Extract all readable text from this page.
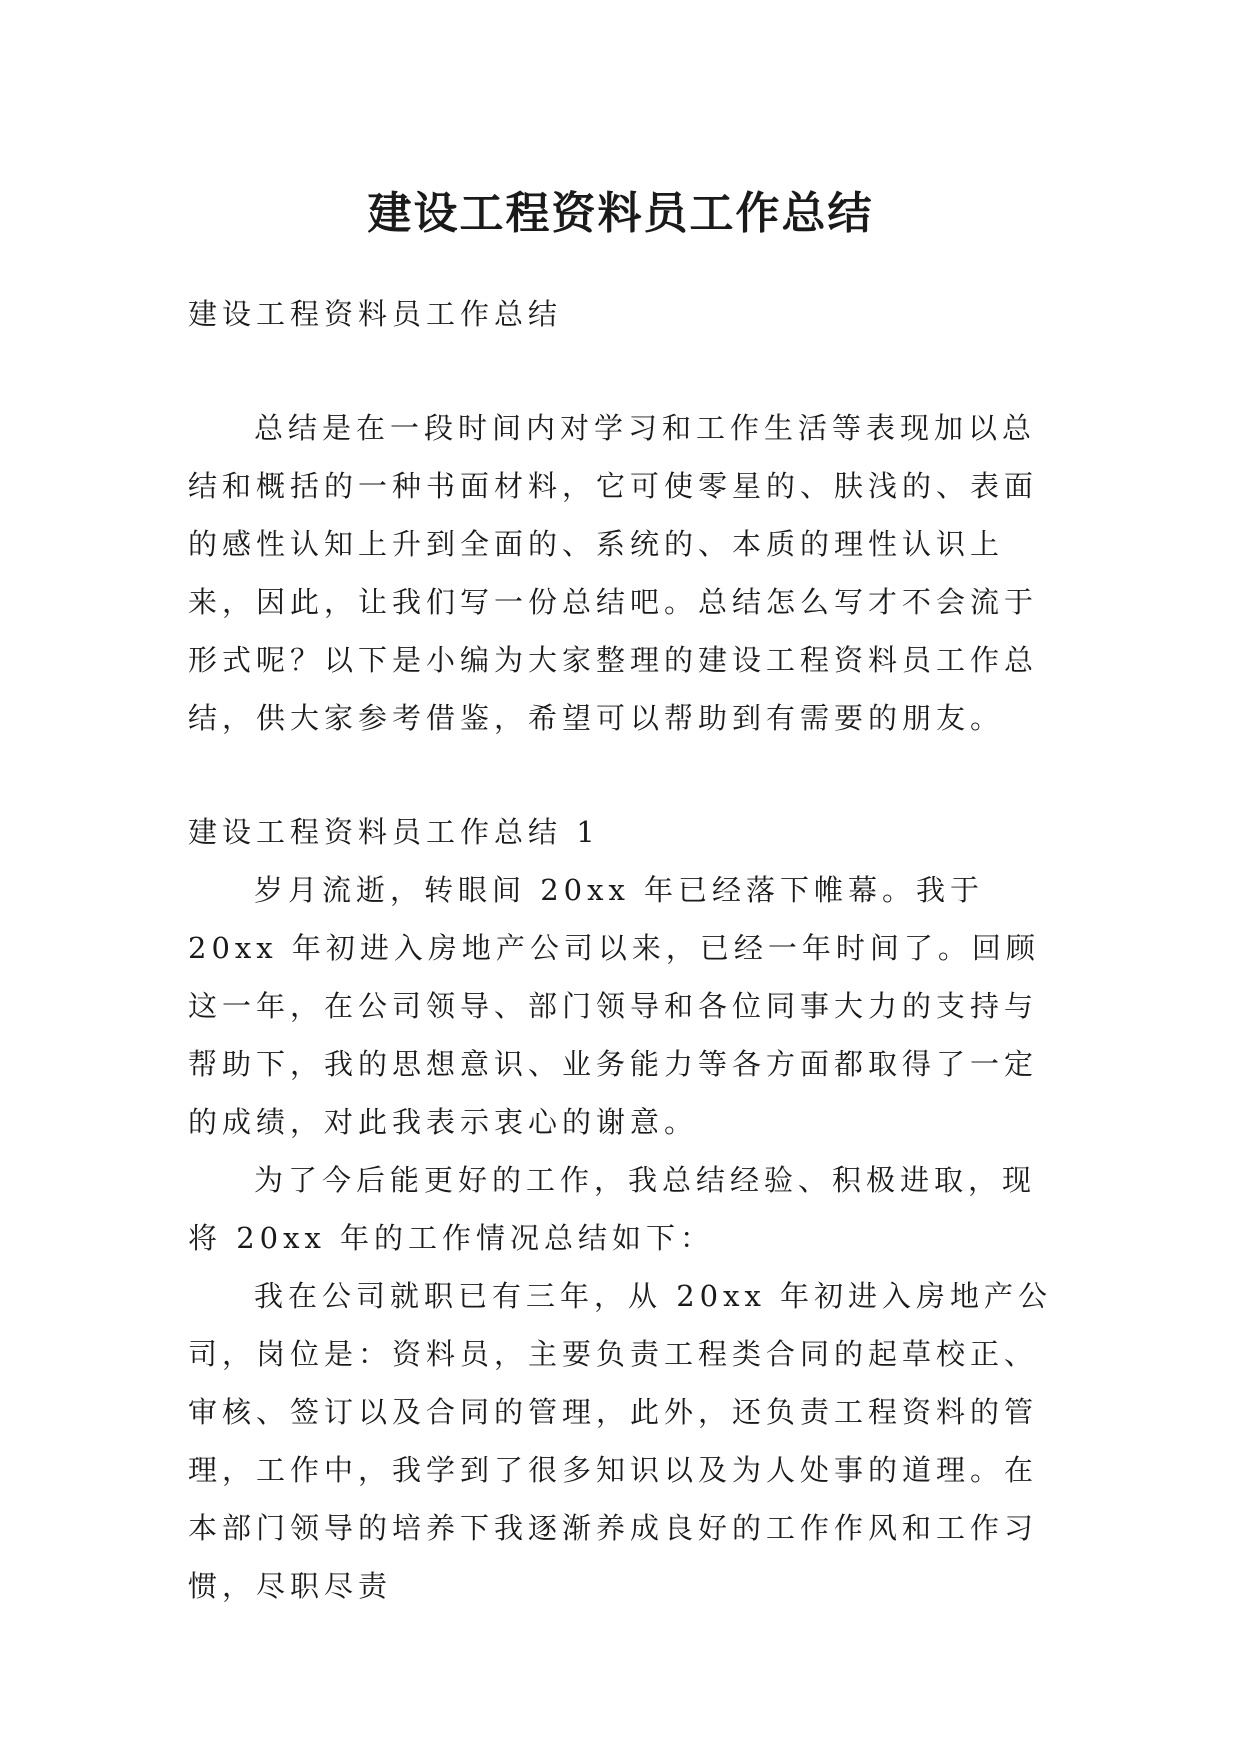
建设工程资料员工作总结

建设工程资料员工作总结

总结是在一段时间内对学习和工作生活等表现加以总结和概括的一种书面材料，它可使零星的、肤浅的、表面的感性认知上升到全面的、系统的、本质的理性认识上来，因此，让我们写一份总结吧。总结怎么写才不会流于形式呢？以下是小编为大家整理的建设工程资料员工作总结，供大家参考借鉴，希望可以帮助到有需要的朋友。

建设工程资料员工作总结 1

岁月流逝，转眼间 20xx 年已经落下帷幕。我于 20xx 年初进入房地产公司以来，已经一年时间了。回顾这一年，在公司领导、部门领导和各位同事大力的支持与帮助下，我的思想意识、业务能力等各方面都取得了一定的成绩，对此我表示衷心的谢意。

为了今后能更好的工作，我总结经验、积极进取，现将 20xx 年的工作情况总结如下：

我在公司就职已有三年，从 20xx 年初进入房地产公司，岗位是：资料员，主要负责工程类合同的起草校正、审核、签订以及合同的管理，此外，还负责工程资料的管理，工作中，我学到了很多知识以及为人处事的道理。在本部门领导的培养下我逐渐养成良好的工作作风和工作习惯，尽职尽责
